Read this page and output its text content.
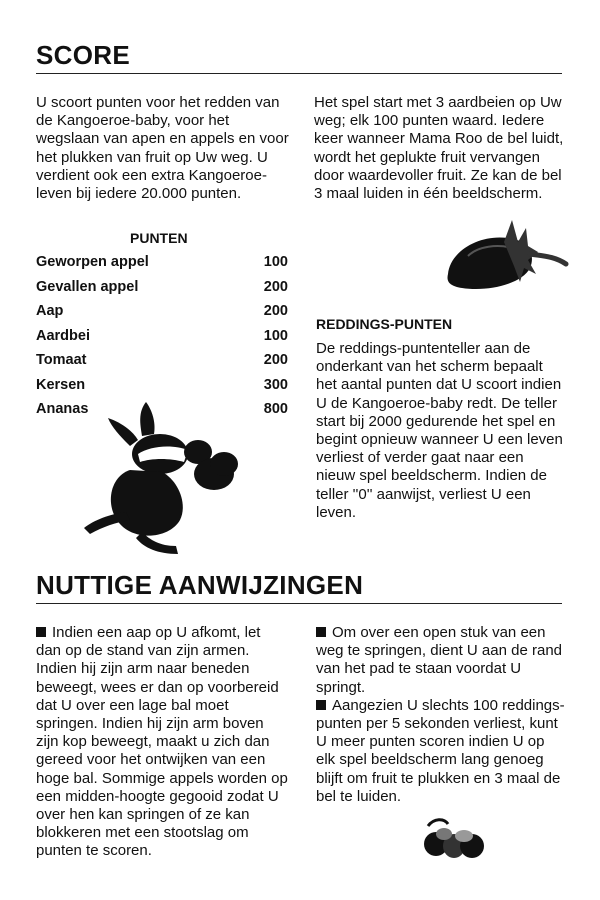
SCORE

U scoort punten voor het redden van de Kangoeroe-baby, voor het wegslaan van apen en appels en voor het plukken van fruit op Uw weg. U verdient ook een extra Kangoeroe-leven bij iedere 20.000 punten.

PUNTEN
Geworpen appel	100
Gevallen appel	200
Aap	200
Aardbei	100
Tomaat	200
Kersen	300
Ananas	800

Het spel start met 3 aardbeien op Uw weg; elk 100 punten waard. Iedere keer wanneer Mama Roo de bel luidt, wordt het geplukte fruit vervangen door waardevoller fruit. Ze kan de bel 3 maal luiden in één beeldscherm.

REDDINGS-PUNTEN

De reddings-puntenteller aan de onderkant van het scherm bepaalt het aantal punten dat U scoort indien U de Kangoeroe-baby redt. De teller start bij 2000 gedurende het spel en begint opnieuw wanneer U een leven verliest of verder gaat naar een nieuw spel beeldscherm. Indien de teller ''0'' aanwijst, verliest U een leven.

NUTTIGE AANWIJZINGEN

Indien een aap op U afkomt, let dan op de stand van zijn armen. Indien hij zijn arm naar beneden beweegt, wees er dan op voorbereid dat U over een lage bal moet springen. Indien hij zijn arm boven zijn kop beweegt, maakt u zich dan gereed voor het ontwijken van een hoge bal. Sommige appels worden op een midden-hoogte gegooid zodat U over hen kan springen of ze kan blokkeren met een stootslag om punten te scoren.

Om over een open stuk van een weg te springen, dient U aan de rand van het pad te staan voordat U springt.

Aangezien U slechts 100 reddings-punten per 5 sekonden verliest, kunt U meer punten scoren indien U op elk spel beeldscherm lang genoeg blijft om fruit te plukken en 3 maal de bel te luiden.
